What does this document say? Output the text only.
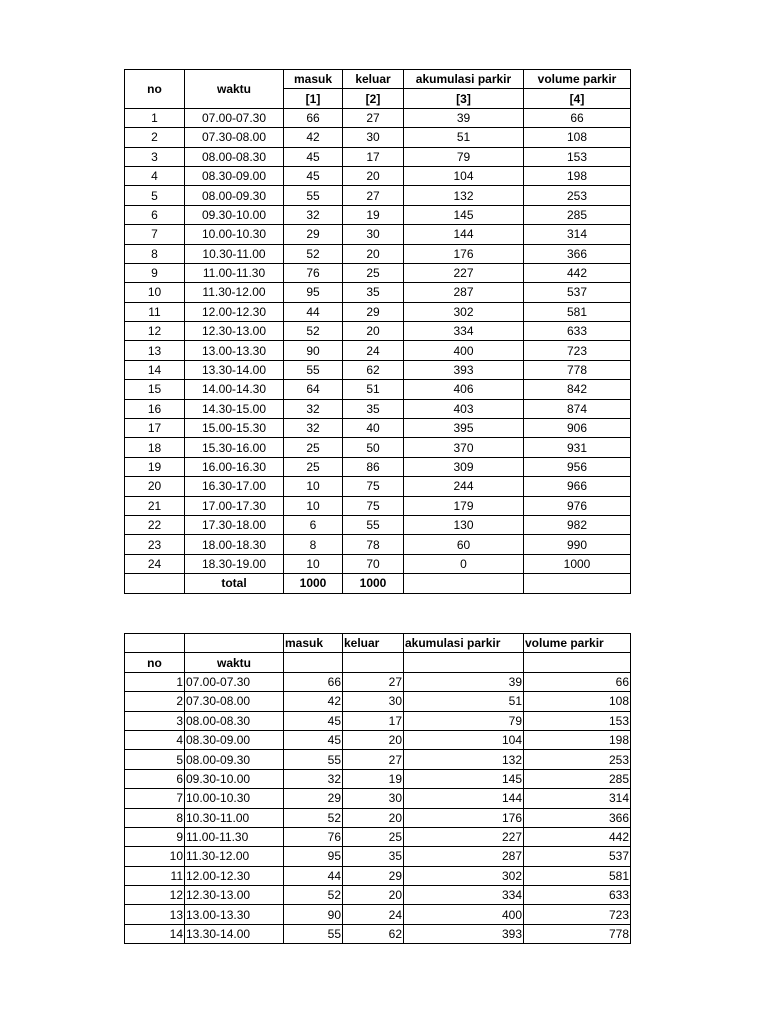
no	waktu	masuk	keluar	akumulasi parkir	volume parkir
		[1]	[2]	[3]	[4]
1	07.00-07.30	66	27	39	66
2	07.30-08.00	42	30	51	108
3	08.00-08.30	45	17	79	153
4	08.30-09.00	45	20	104	198
5	08.00-09.30	55	27	132	253
6	09.30-10.00	32	19	145	285
7	10.00-10.30	29	30	144	314
8	10.30-11.00	52	20	176	366
9	11.00-11.30	76	25	227	442
10	11.30-12.00	95	35	287	537
11	12.00-12.30	44	29	302	581
12	12.30-13.00	52	20	334	633
13	13.00-13.30	90	24	400	723
14	13.30-14.00	55	62	393	778
15	14.00-14.30	64	51	406	842
16	14.30-15.00	32	35	403	874
17	15.00-15.30	32	40	395	906
18	15.30-16.00	25	50	370	931
19	16.00-16.30	25	86	309	956
20	16.30-17.00	10	75	244	966
21	17.00-17.30	10	75	179	976
22	17.30-18.00	6	55	130	982
23	18.00-18.30	8	78	60	990
24	18.30-19.00	10	70	0	1000
	total	1000	1000		
		masuk	keluar	akumulasi parkir	volume parkir
no	waktu				
1	07.00-07.30	66	27	39	66
2	07.30-08.00	42	30	51	108
3	08.00-08.30	45	17	79	153
4	08.30-09.00	45	20	104	198
5	08.00-09.30	55	27	132	253
6	09.30-10.00	32	19	145	285
7	10.00-10.30	29	30	144	314
8	10.30-11.00	52	20	176	366
9	11.00-11.30	76	25	227	442
10	11.30-12.00	95	35	287	537
11	12.00-12.30	44	29	302	581
12	12.30-13.00	52	20	334	633
13	13.00-13.30	90	24	400	723
14	13.30-14.00	55	62	393	778
